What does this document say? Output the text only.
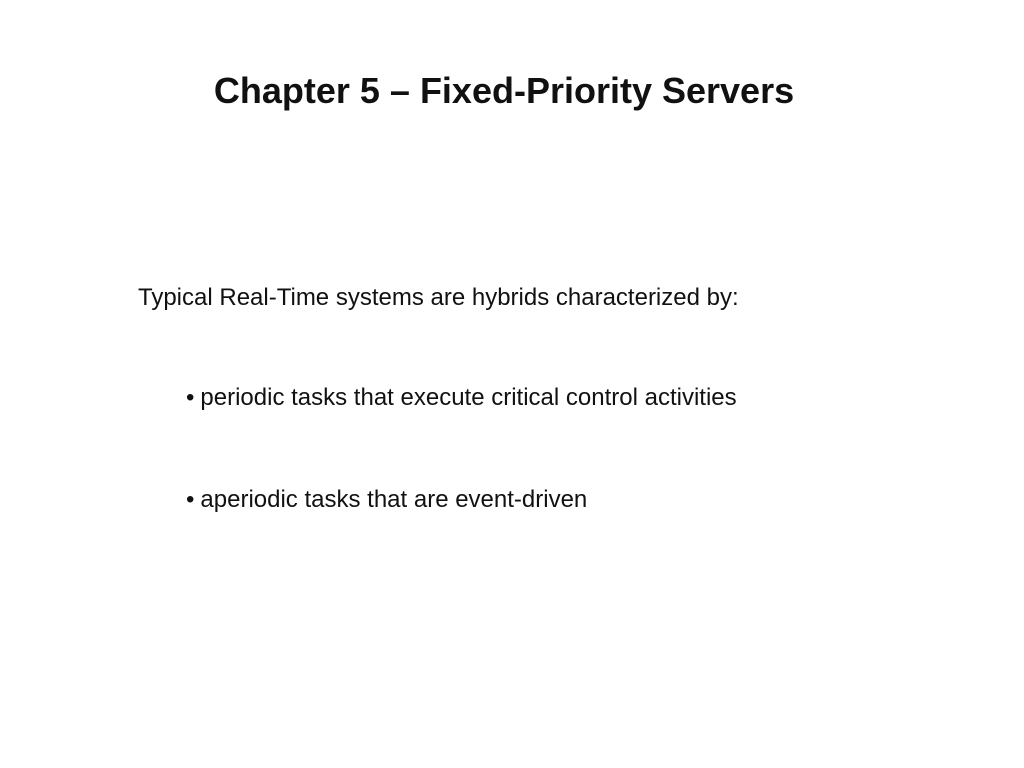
Chapter 5 – Fixed-Priority Servers
Typical Real-Time systems are hybrids characterized by:
• periodic tasks that execute critical control activities
• aperiodic tasks that are event-driven
